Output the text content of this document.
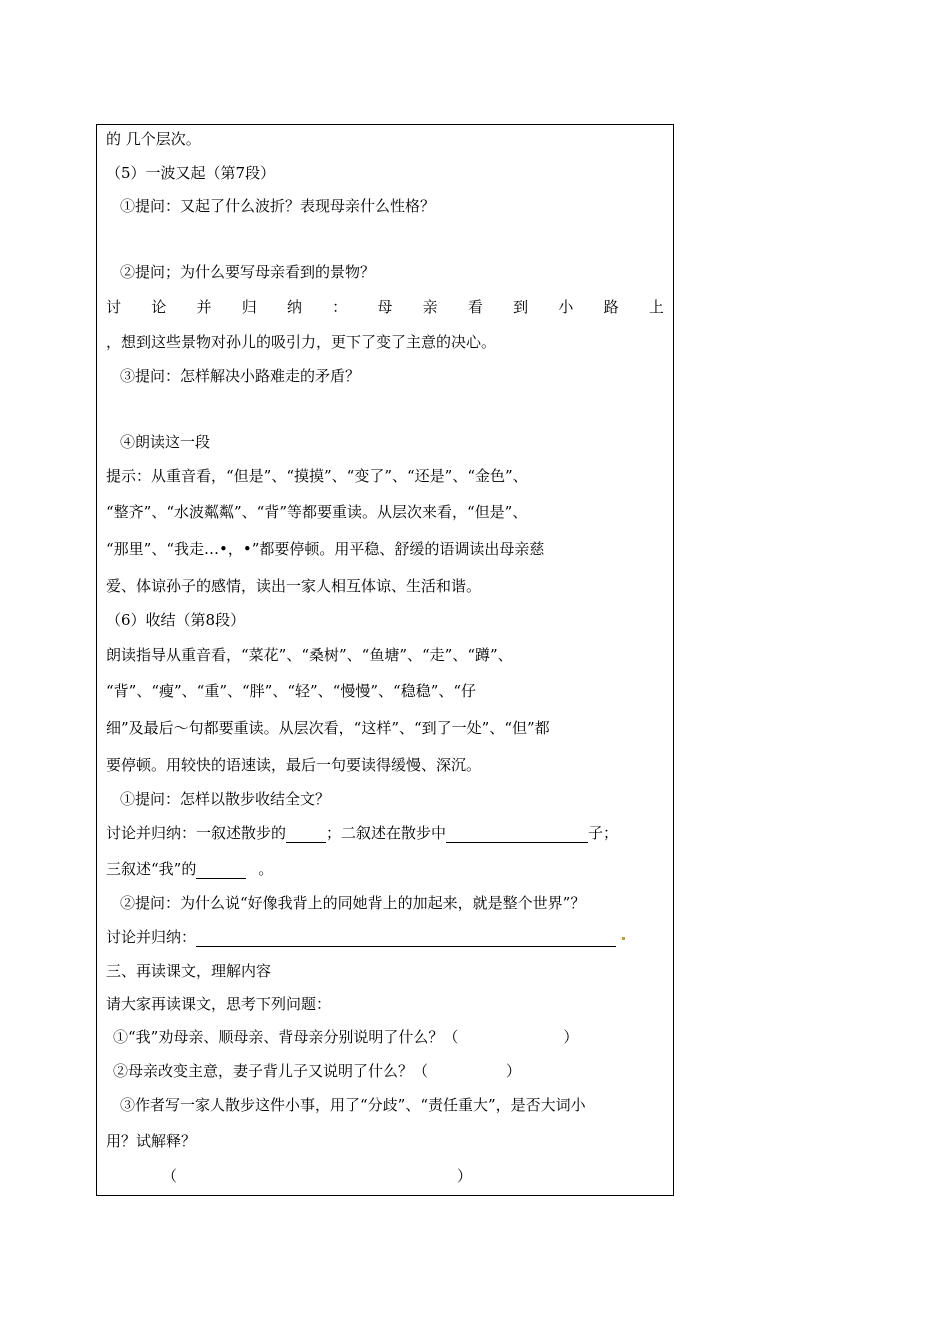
的 几个层次。
（5）一波又起（第7段）
①提问：又起了什么波折？表现母亲什么性格？
②提问；为什么要写母亲看到的景物？
讨 论 并 归 纳 ： 母 亲 看 到 小 路 上
，想到这些景物对孙儿的吸引力，更下了变了主意的决心。
③提问：怎样解决小路难走的矛盾？
④朗读这一段
提示：从重音看，“但是”、“摸摸”、“变了”、“还是”、“金色”、
“整齐”、“水波粼粼”、“背”等都要重读。从层次来看，“但是”、
“那里”、“我走…•，•”都要停顿。用平稳、舒缓的语调读出母亲慈
爱、体谅孙子的感情，读出一家人相互体谅、生活和谐。
（6）收结（第8段）
朗读指导从重音看，“菜花”、“桑树”、“鱼塘”、“走”、“蹲”、
“背”、“瘦”、“重”、“胖”、“轻”、“慢慢”、“稳稳”、“仔
细”及最后～句都要重读。从层次看，“这样”、“到了一处”、“但”都
要停顿。用较快的语速读，最后一句要读得缓慢、深沉。
①提问：怎样以散步收结全文？
讨论并归纳：一叙述散步的	；二叙述在散步中	子；
三叙述“我”的	。
②提问：为什么说“好像我背上的同她背上的加起来，就是整个世界”？
讨论并归纳：
三、再读课文，理解内容
请大家再读课文，思考下列问题：
①“我”劝母亲、顺母亲、背母亲分别说明了什么？（	）
②母亲改变主意，妻子背儿子又说明了什么？（	）
③作者写一家人散步这件小事，用了“分歧”、“责任重大”，是否大词小
用？试解释？
（	）
